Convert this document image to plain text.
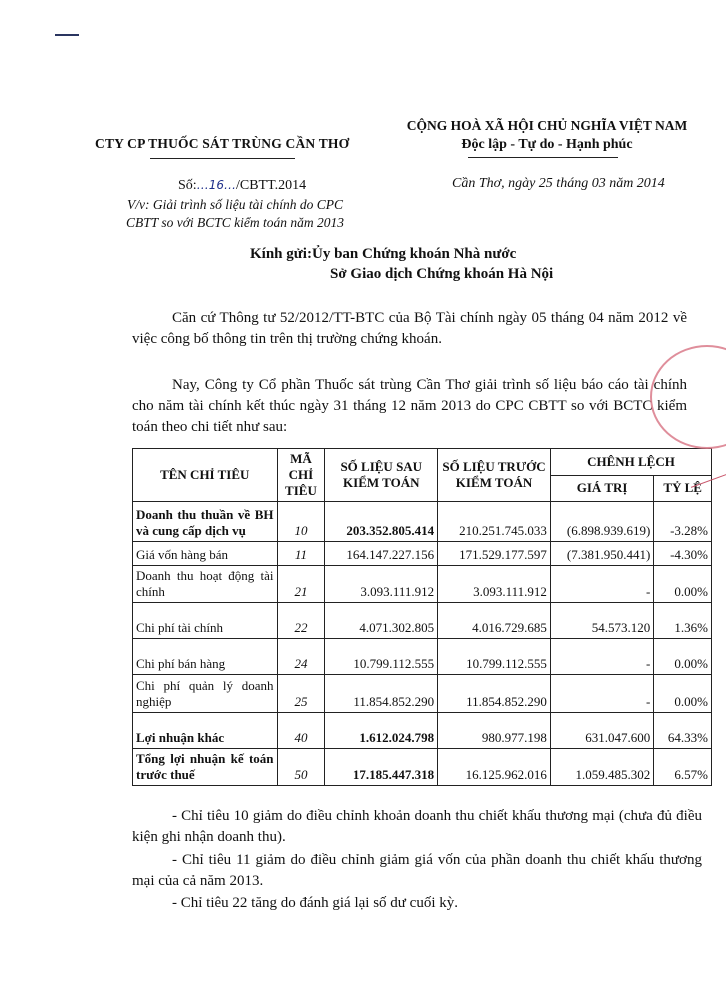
CTY CP THUỐC SÁT TRÙNG CẦN THƠ
CỘNG HOÀ XÃ HỘI CHỦ NGHĨA VIỆT NAM
Độc lập - Tự do - Hạnh phúc
Số:…16…/CBTT.2014
V/v: Giải trình số liệu tài chính do CPC
CBTT so với BCTC kiểm toán năm 2013
Cần Thơ, ngày 25 tháng 03 năm 2014
Kính gửi: Ủy ban Chứng khoán Nhà nước
Sở Giao dịch Chứng khoán Hà Nội
Căn cứ Thông tư 52/2012/TT-BTC của Bộ Tài chính ngày 05 tháng 04 năm 2012 về việc công bố thông tin trên thị trường chứng khoán.
Nay, Công ty Cổ phần Thuốc sát trùng Cần Thơ giải trình số liệu báo cáo tài chính cho năm tài chính kết thúc ngày 31 tháng 12 năm 2013 do CPC CBTT so với BCTC kiểm toán theo chi tiết như sau:
TÊN CHỈ TIÊU	MÃ CHỈ TIÊU	SỐ LIỆU SAU KIỂM TOÁN	SỐ LIỆU TRƯỚC KIỂM TOÁN	CHÊNH LỆCH	
				GIÁ TRỊ	TỶ LỆ
Doanh thu thuần về BH và cung cấp dịch vụ	10	203.352.805.414	210.251.745.033	(6.898.939.619)	-3.28%
Giá vốn hàng bán	11	164.147.227.156	171.529.177.597	(7.381.950.441)	-4.30%
Doanh thu hoạt động tài chính	21	3.093.111.912	3.093.111.912	-	0.00%
Chi phí tài chính	22	4.071.302.805	4.016.729.685	54.573.120	1.36%
Chi phí bán hàng	24	10.799.112.555	10.799.112.555	-	0.00%
Chi phí quản lý doanh nghiệp	25	11.854.852.290	11.854.852.290	-	0.00%
Lợi nhuận khác	40	1.612.024.798	980.977.198	631.047.600	64.33%
Tổng lợi nhuận kế toán trước thuế	50	17.185.447.318	16.125.962.016	1.059.485.302	6.57%
- Chỉ tiêu 10 giảm do điều chỉnh khoản doanh thu chiết khấu thương mại (chưa đủ điều kiện ghi nhận doanh thu).
- Chỉ tiêu 11 giảm do điều chỉnh giảm giá vốn của phần doanh thu chiết khấu thương mại của cả năm 2013.
- Chỉ tiêu 22 tăng do đánh giá lại số dư cuối kỳ.
